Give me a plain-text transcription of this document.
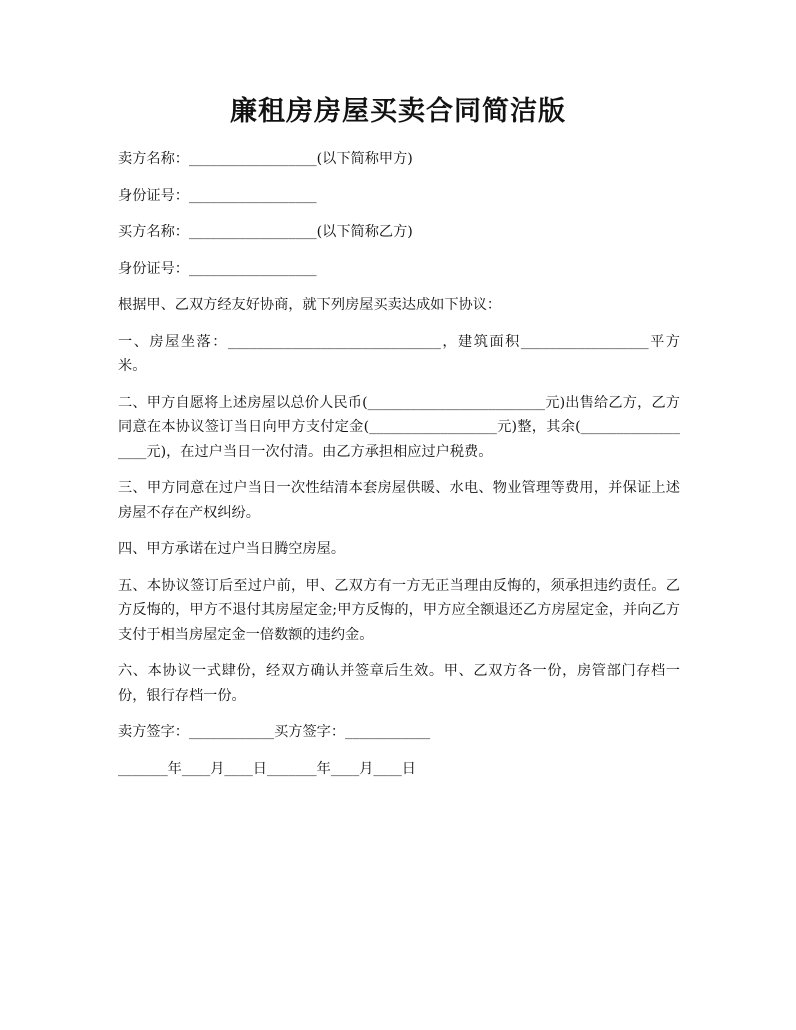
廉租房房屋买卖合同简洁版

卖方名称：__________________(以下简称甲方)

身份证号：__________________

买方名称：__________________(以下简称乙方)

身份证号：__________________

根据甲、乙双方经友好协商，就下列房屋买卖达成如下协议：

一、房屋坐落：______________________________，建筑面积__________________平方米。

二、甲方自愿将上述房屋以总价人民币(_________________________元)出售给乙方，乙方同意在本协议签订当日向甲方支付定金(__________________元)整，其余(__________________元)，在过户当日一次付清。由乙方承担相应过户税费。

三、甲方同意在过户当日一次性结清本套房屋供暖、水电、物业管理等费用，并保证上述房屋不存在产权纠纷。

四、甲方承诺在过户当日腾空房屋。

五、本协议签订后至过户前，甲、乙双方有一方无正当理由反悔的，须承担违约责任。乙方反悔的，甲方不退付其房屋定金;甲方反悔的，甲方应全额退还乙方房屋定金，并向乙方支付于相当房屋定金一倍数额的违约金。

六、本协议一式肆份，经双方确认并签章后生效。甲、乙双方各一份，房管部门存档一份，银行存档一份。

卖方签字：____________买方签字：____________

_______年____月____日_______年____月____日
